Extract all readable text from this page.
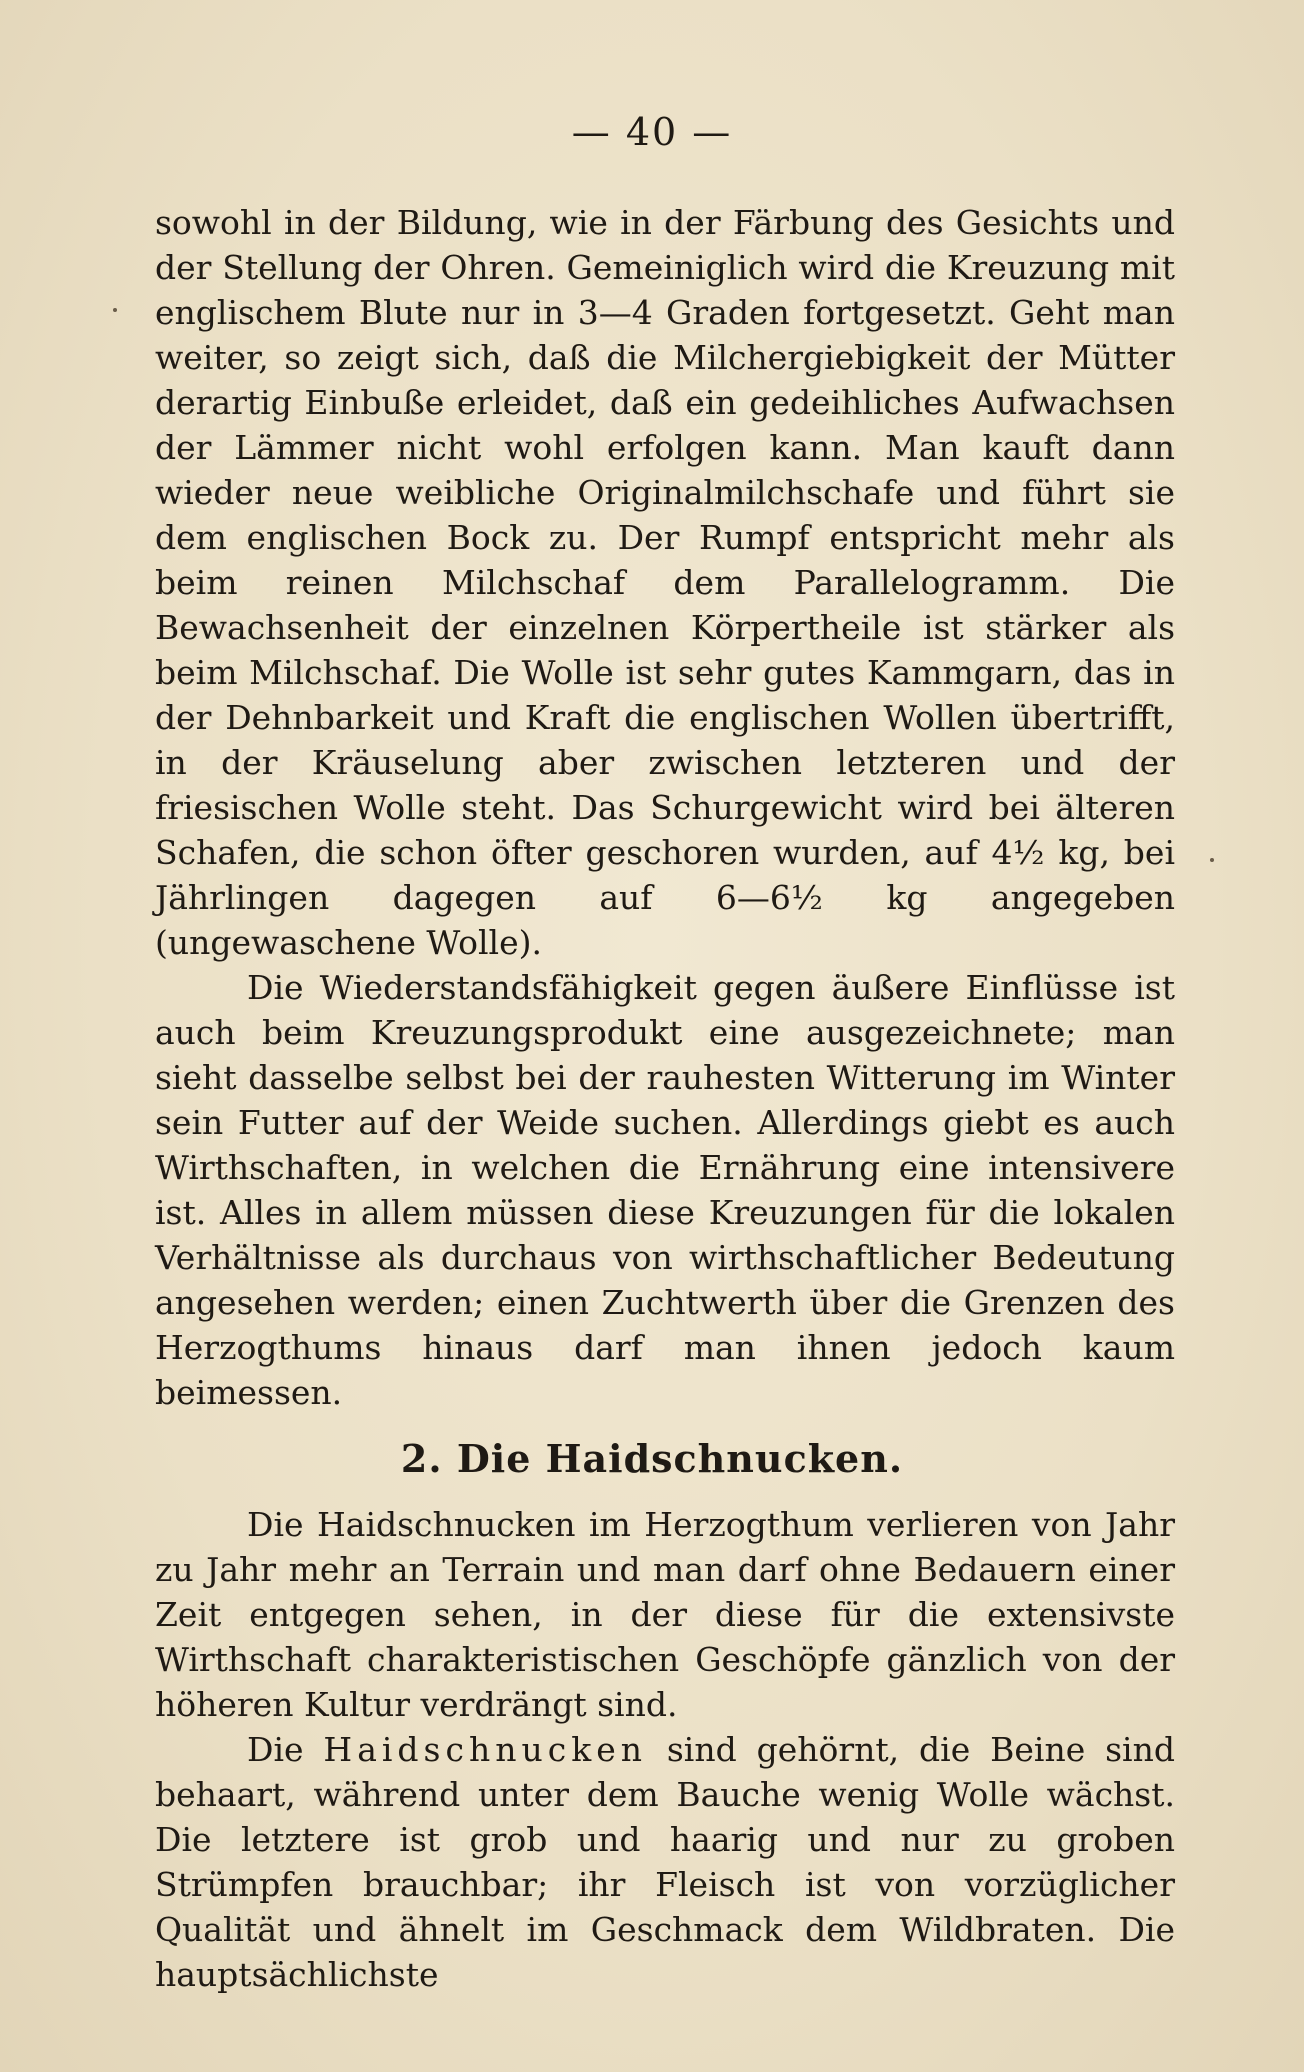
— 40 —

sowohl in der Bildung, wie in der Färbung des Gesichts und der Stellung der Ohren. Gemeiniglich wird die Kreuzung mit englischem Blute nur in 3—4 Graden fortgesetzt. Geht man weiter, so zeigt sich, daß die Milchergiebigkeit der Mütter derartig Einbuße erleidet, daß ein gedeihliches Aufwachsen der Lämmer nicht wohl erfolgen kann. Man kauft dann wieder neue weibliche Originalmilchschafe und führt sie dem englischen Bock zu. Der Rumpf entspricht mehr als beim reinen Milchschaf dem Parallelogramm. Die Bewachsenheit der einzelnen Körpertheile ist stärker als beim Milchschaf. Die Wolle ist sehr gutes Kammgarn, das in der Dehnbarkeit und Kraft die englischen Wollen übertrifft, in der Kräuselung aber zwischen letzteren und der friesischen Wolle steht. Das Schurgewicht wird bei älteren Schafen, die schon öfter geschoren wurden, auf 4½ kg, bei Jährlingen dagegen auf 6—6½ kg angegeben (ungewaschene Wolle).

Die Wiederstandsfähigkeit gegen äußere Einflüsse ist auch beim Kreuzungsprodukt eine ausgezeichnete; man sieht dasselbe selbst bei der rauhesten Witterung im Winter sein Futter auf der Weide suchen. Allerdings giebt es auch Wirthschaften, in welchen die Ernährung eine intensivere ist. Alles in allem müssen diese Kreuzungen für die lokalen Verhältnisse als durchaus von wirthschaftlicher Bedeutung angesehen werden; einen Zuchtwerth über die Grenzen des Herzogthums hinaus darf man ihnen jedoch kaum beimessen.

2. Die Haidschnucken.

Die Haidschnucken im Herzogthum verlieren von Jahr zu Jahr mehr an Terrain und man darf ohne Bedauern einer Zeit entgegen sehen, in der diese für die extensivste Wirthschaft charakteristischen Geschöpfe gänzlich von der höheren Kultur verdrängt sind.

Die Haidschnucken sind gehörnt, die Beine sind behaart, während unter dem Bauche wenig Wolle wächst. Die letztere ist grob und haarig und nur zu groben Strümpfen brauchbar; ihr Fleisch ist von vorzüglicher Qualität und ähnelt im Geschmack dem Wildbraten. Die hauptsächlichste
